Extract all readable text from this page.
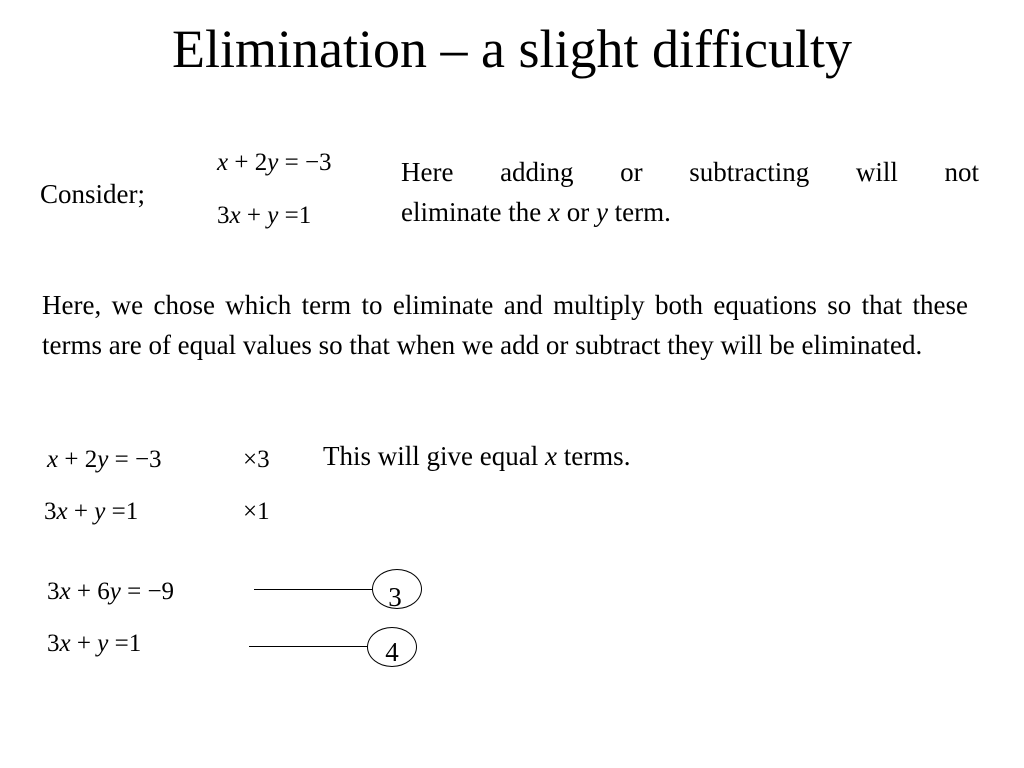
Elimination – a slight difficulty
Consider;
x + 2y = −3
3x + y =1
Here adding or subtracting will not
eliminate the x or y term.
Here, we chose which term to eliminate and multiply both equations so that these terms are of equal values so that when we add or subtract they will be eliminated.
x + 2y = −3	×3
3x + y =1	×1
This will give equal x terms.
3x + 6y = −9	3
3x + y =1	4
